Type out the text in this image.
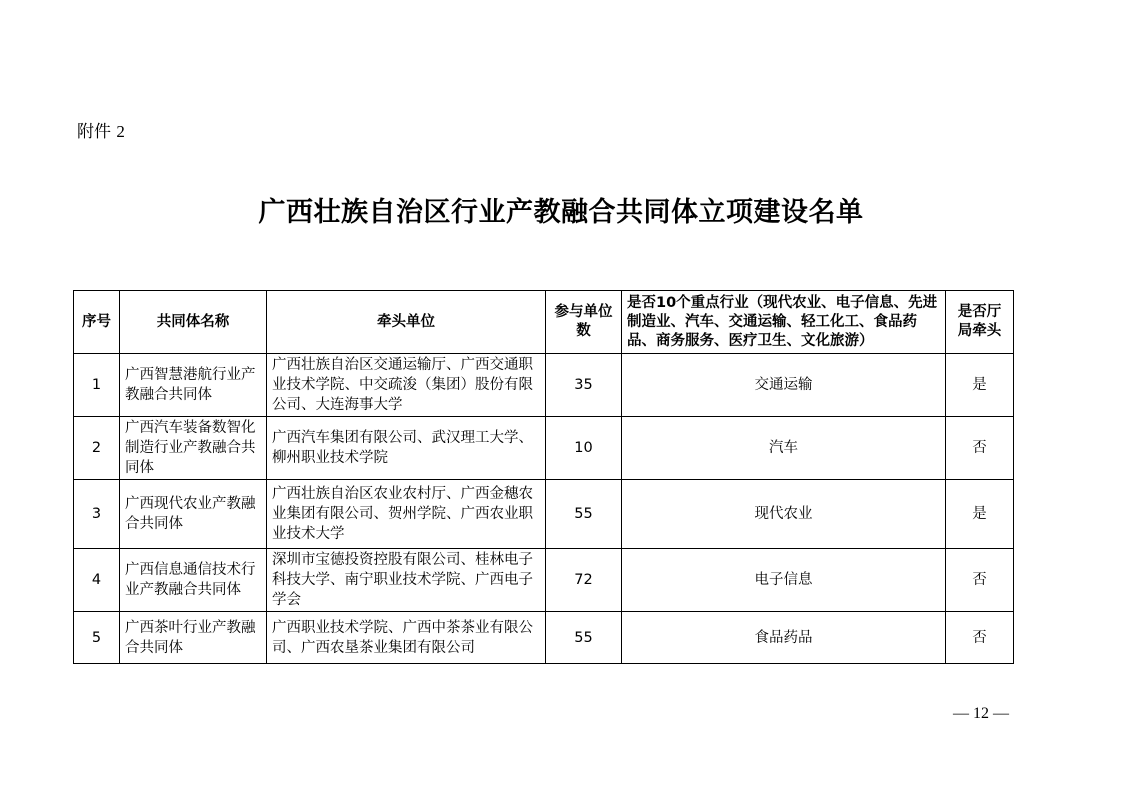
附件 2
广西壮族自治区行业产教融合共同体立项建设名单
序号	共同体名称	牵头单位	参与单位数	是否10个重点行业（现代农业、电子信息、先进制造业、汽车、交通运输、轻工化工、食品药品、商务服务、医疗卫生、文化旅游）	是否厅局牵头
1	广西智慧港航行业产教融合共同体	广西壮族自治区交通运输厅、广西交通职业技术学院、中交疏浚（集团）股份有限公司、大连海事大学	35	交通运输	是
2	广西汽车装备数智化制造行业产教融合共同体	广西汽车集团有限公司、武汉理工大学、柳州职业技术学院	10	汽车	否
3	广西现代农业产教融合共同体	广西壮族自治区农业农村厅、广西金穗农业集团有限公司、贺州学院、广西农业职业技术大学	55	现代农业	是
4	广西信息通信技术行业产教融合共同体	深圳市宝德投资控股有限公司、桂林电子科技大学、南宁职业技术学院、广西电子学会	72	电子信息	否
5	广西茶叶行业产教融合共同体	广西职业技术学院、广西中茶茶业有限公司、广西农垦茶业集团有限公司	55	食品药品	否
— 12 —
